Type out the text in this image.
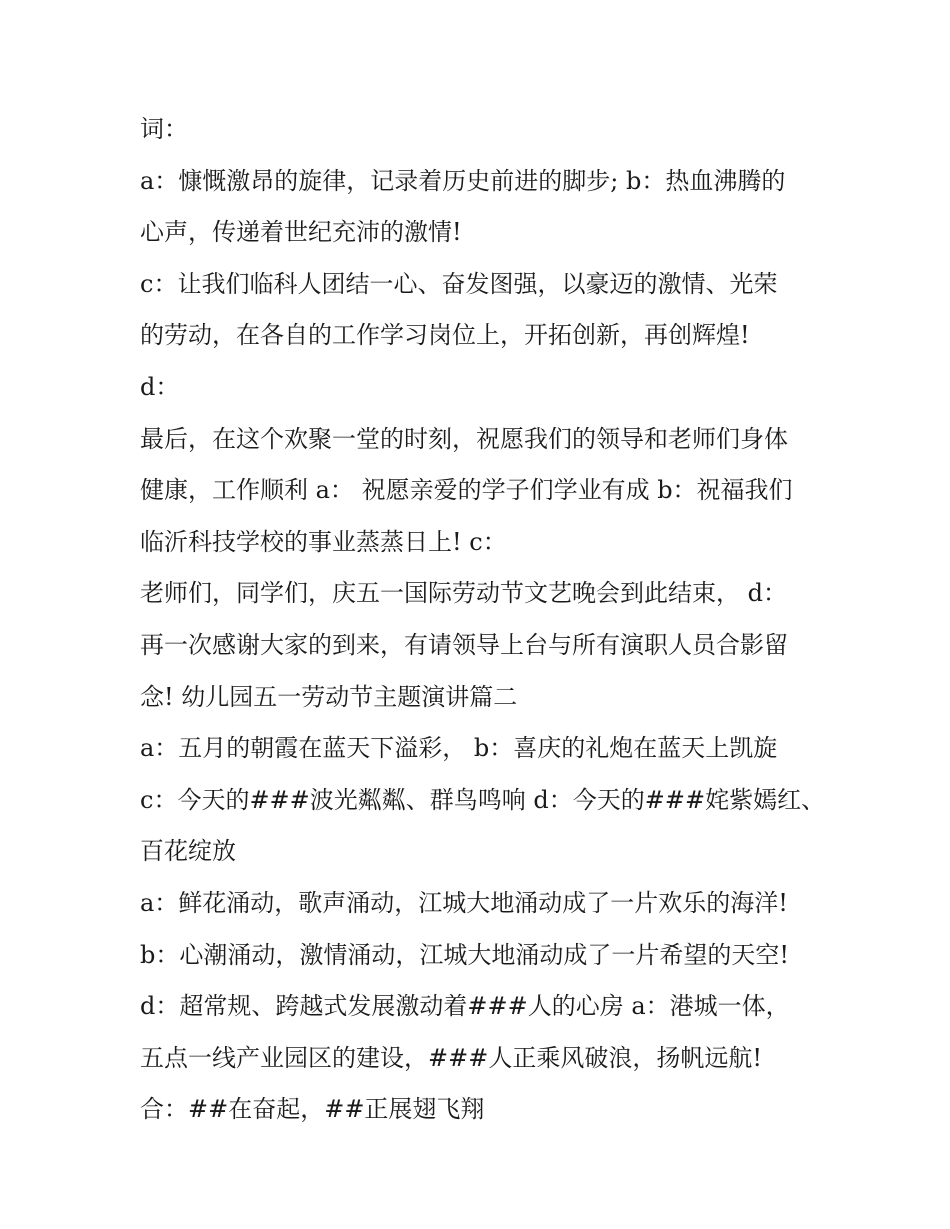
词：
a：慷慨激昂的旋律，记录着历史前进的脚步; b：热血沸腾的
心声，传递着世纪充沛的激情!
c：让我们临科人团结一心、奋发图强，以豪迈的激情、光荣
的劳动，在各自的工作学习岗位上，开拓创新，再创辉煌!
d：
最后，在这个欢聚一堂的时刻，祝愿我们的领导和老师们身体
健康，工作顺利 a： 祝愿亲爱的学子们学业有成 b：祝福我们
临沂科技学校的事业蒸蒸日上! c：
老师们，同学们，庆五一国际劳动节文艺晚会到此结束， d：
再一次感谢大家的到来，有请领导上台与所有演职人员合影留
念! 幼儿园五一劳动节主题演讲篇二
a：五月的朝霞在蓝天下溢彩， b：喜庆的礼炮在蓝天上凯旋
c：今天的###波光粼粼、群鸟鸣响 d：今天的###姹紫嫣红、
百花绽放
a：鲜花涌动，歌声涌动，江城大地涌动成了一片欢乐的海洋!
b：心潮涌动，激情涌动，江城大地涌动成了一片希望的天空!
d：超常规、跨越式发展激动着###人的心房 a：港城一体，
五点一线产业园区的建设，###人正乘风破浪，扬帆远航!
合：##在奋起，##正展翅飞翔
